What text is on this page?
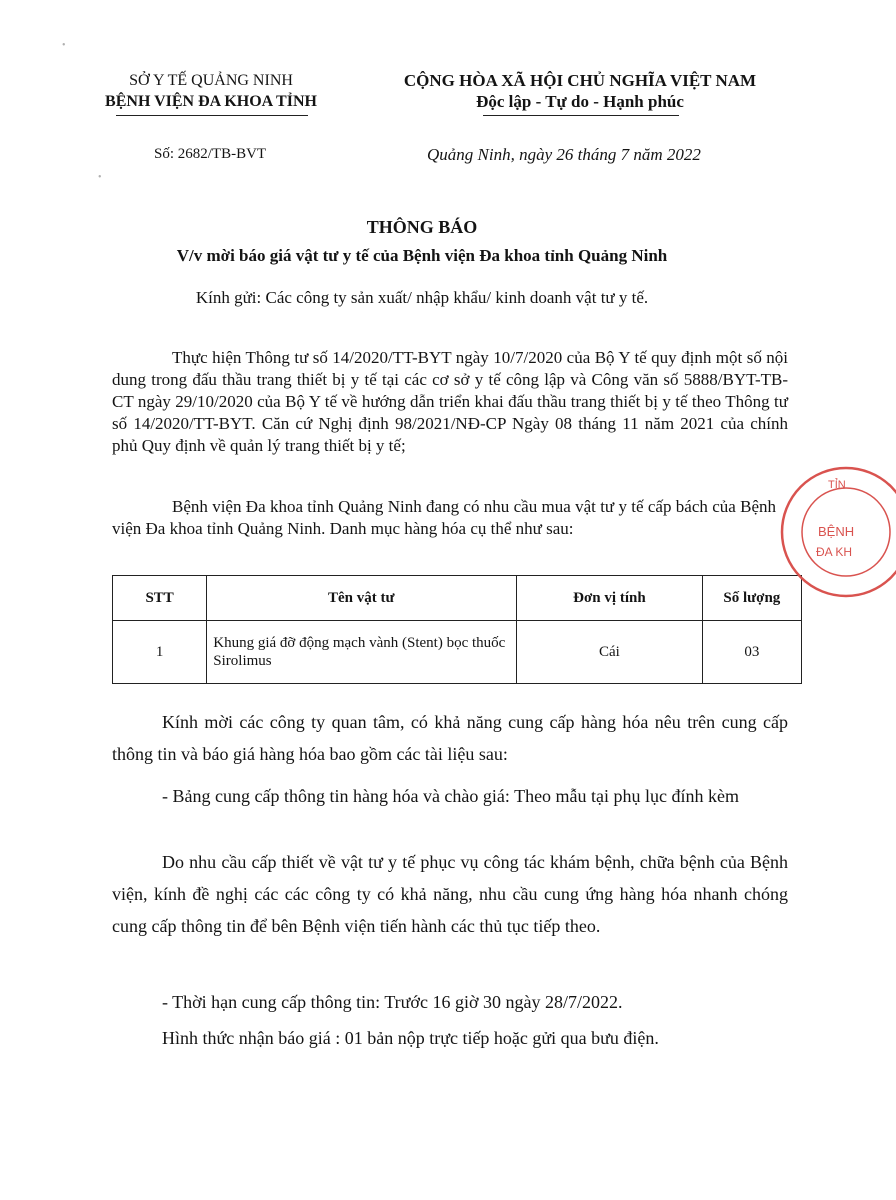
SỞ Y TẾ QUẢNG NINH
BỆNH VIỆN ĐA KHOA TỈNH
CỘNG HÒA XÃ HỘI CHỦ NGHĨA VIỆT NAM
Độc lập - Tự do - Hạnh phúc
Số: 2682/TB-BVT	Quảng Ninh, ngày 26 tháng 7 năm 2022
THÔNG BÁO
V/v mời báo giá vật tư y tế của Bệnh viện Đa khoa tỉnh Quảng Ninh
Kính gửi: Các công ty sản xuất/ nhập khẩu/ kinh doanh vật tư y tế.

Thực hiện Thông tư số 14/2020/TT-BYT ngày 10/7/2020 của Bộ Y tế quy định một số nội dung trong đấu thầu trang thiết bị y tế tại các cơ sở y tế công lập và Công văn số 5888/BYT-TB-CT ngày 29/10/2020 của Bộ Y tế về hướng dẫn triển khai đấu thầu trang thiết bị y tế theo Thông tư số 14/2020/TT-BYT. Căn cứ Nghị định 98/2021/NĐ-CP Ngày 08 tháng 11 năm 2021 của chính phủ Quy định về quản lý trang thiết bị y tế;

Bệnh viện Đa khoa tỉnh Quảng Ninh đang có nhu cầu mua vật tư y tế cấp bách của Bệnh viện Đa khoa tỉnh Quảng Ninh. Danh mục hàng hóa cụ thể như sau:

STT	Tên vật tư	Đơn vị tính	Số lượng
1	Khung giá đỡ động mạch vành (Stent) bọc thuốc Sirolimus	Cái	03

Kính mời các công ty quan tâm, có khả năng cung cấp hàng hóa nêu trên cung cấp thông tin và báo giá hàng hóa bao gồm các tài liệu sau:

- Bảng cung cấp thông tin hàng hóa và chào giá: Theo mẫu tại phụ lục đính kèm

Do nhu cầu cấp thiết về vật tư y tế phục vụ công tác khám bệnh, chữa bệnh của Bệnh viện, kính đề nghị các các công ty có khả năng, nhu cầu cung ứng hàng hóa nhanh chóng cung cấp thông tin để bên Bệnh viện tiến hành các thủ tục tiếp theo.

- Thời hạn cung cấp thông tin: Trước 16 giờ 30 ngày 28/7/2022.

Hình thức nhận báo giá : 01 bản nộp trực tiếp hoặc gửi qua bưu điện.

TỈN
BỆNH
ĐA KH
•
•
